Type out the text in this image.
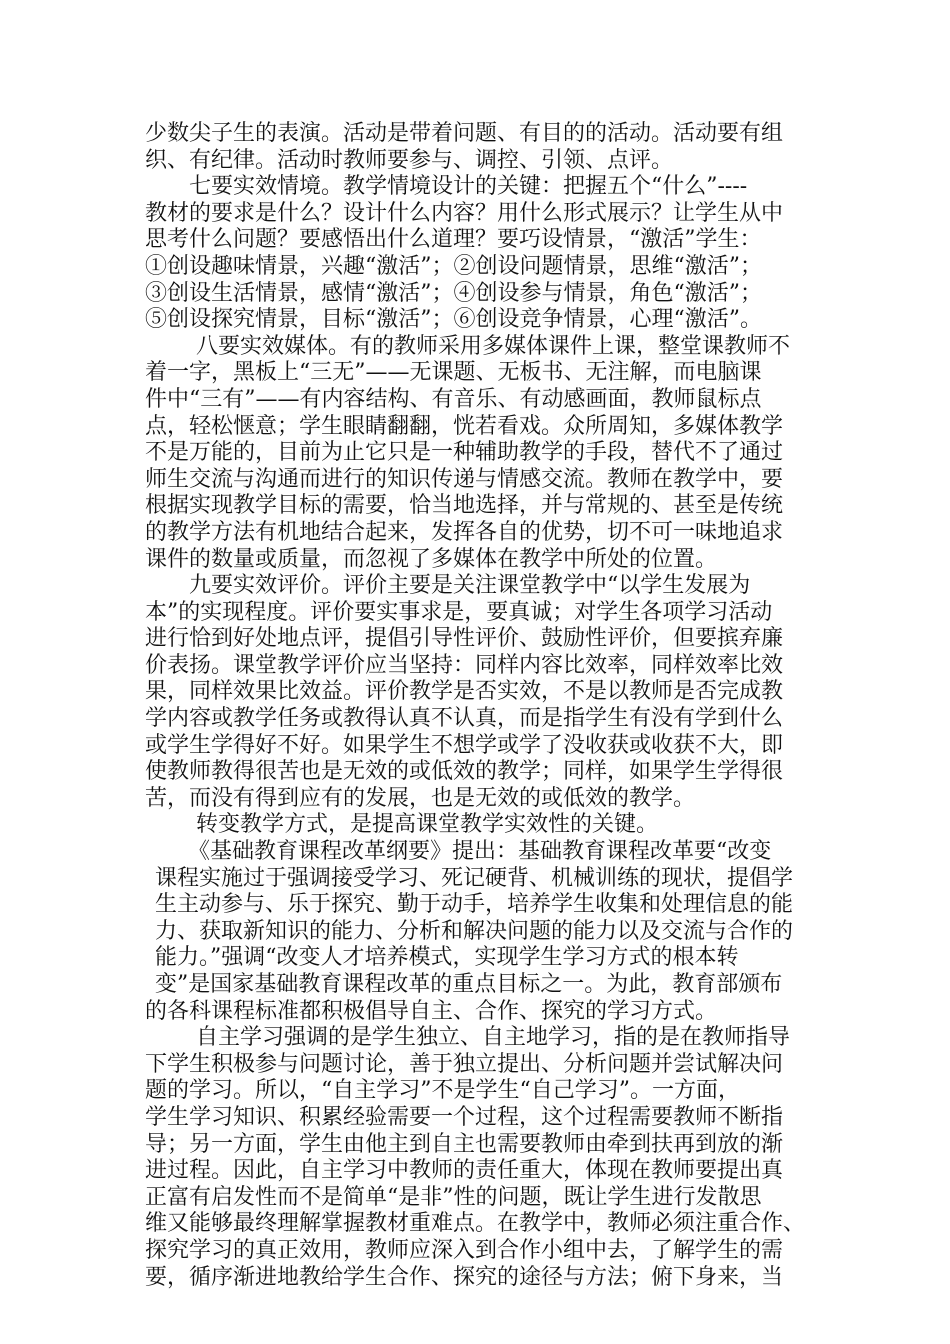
少数尖子生的表演。活动是带着问题、有目的的活动。活动要有组
织、有纪律。活动时教师要参与、调控、引领、点评。

　　七要实效情境。教学情境设计的关键：把握五个“什么”----
教材的要求是什么？设计什么内容？用什么形式展示？让学生从中
思考什么问题？要感悟出什么道理？要巧设情景，“激活”学生：
①创设趣味情景，兴趣“激活”；②创设问题情景，思维“激活”；
③创设生活情景，感情“激活”；④创设参与情景，角色“激活”；
⑤创设探究情景，目标“激活”；⑥创设竞争情景，心理“激活”。

　　 八要实效媒体。有的教师采用多媒体课件上课，整堂课教师不
着一字，黑板上“三无”——无课题、无板书、无注解，而电脑课
件中“三有”——有内容结构、有音乐、有动感画面，教师鼠标点
点，轻松惬意；学生眼睛翻翻，恍若看戏。众所周知，多媒体教学
不是万能的，目前为止它只是一种辅助教学的手段，替代不了通过
师生交流与沟通而进行的知识传递与情感交流。教师在教学中，要
根据实现教学目标的需要，恰当地选择，并与常规的、甚至是传统
的教学方法有机地结合起来，发挥各自的优势，切不可一味地追求
课件的数量或质量，而忽视了多媒体在教学中所处的位置。

　　九要实效评价。评价主要是关注课堂教学中“以学生发展为
本”的实现程度。评价要实事求是，要真诚；对学生各项学习活动
进行恰到好处地点评，提倡引导性评价、鼓励性评价，但要摈弃廉
价表扬。课堂教学评价应当坚持：同样内容比效率，同样效率比效
果，同样效果比效益。评价教学是否实效，不是以教师是否完成教
学内容或教学任务或教得认真不认真，而是指学生有没有学到什么
或学生学得好不好。如果学生不想学或学了没收获或收获不大，即
使教师教得很苦也是无效的或低效的教学；同样，如果学生学得很
苦，而没有得到应有的发展，也是无效的或低效的教学。

　　 转变教学方式，是提高课堂教学实效性的关键。

　　《基础教育课程改革纲要》提出：基础教育课程改革要“改变
课程实施过于强调接受学习、死记硬背、机械训练的现状，提倡学
生主动参与、乐于探究、勤于动手，培养学生收集和处理信息的能
力、获取新知识的能力、分析和解决问题的能力以及交流与合作的
能力。”强调“改变人才培养模式，实现学生学习方式的根本转
变”是国家基础教育课程改革的重点目标之一。为此，教育部颁布
的各科课程标准都积极倡导自主、合作、探究的学习方式。

　　 自主学习强调的是学生独立、自主地学习，指的是在教师指导
下学生积极参与问题讨论，善于独立提出、分析问题并尝试解决问
题的学习。所以，“自主学习”不是学生“自己学习”。一方面，
学生学习知识、积累经验需要一个过程，这个过程需要教师不断指
导；另一方面，学生由他主到自主也需要教师由牵到扶再到放的渐
进过程。因此，自主学习中教师的责任重大，体现在教师要提出真
正富有启发性而不是简单“是非”性的问题，既让学生进行发散思
维又能够最终理解掌握教材重难点。在教学中，教师必须注重合作、
探究学习的真正效用，教师应深入到合作小组中去，了解学生的需
要，循序渐进地教给学生合作、探究的途径与方法；俯下身来，当
